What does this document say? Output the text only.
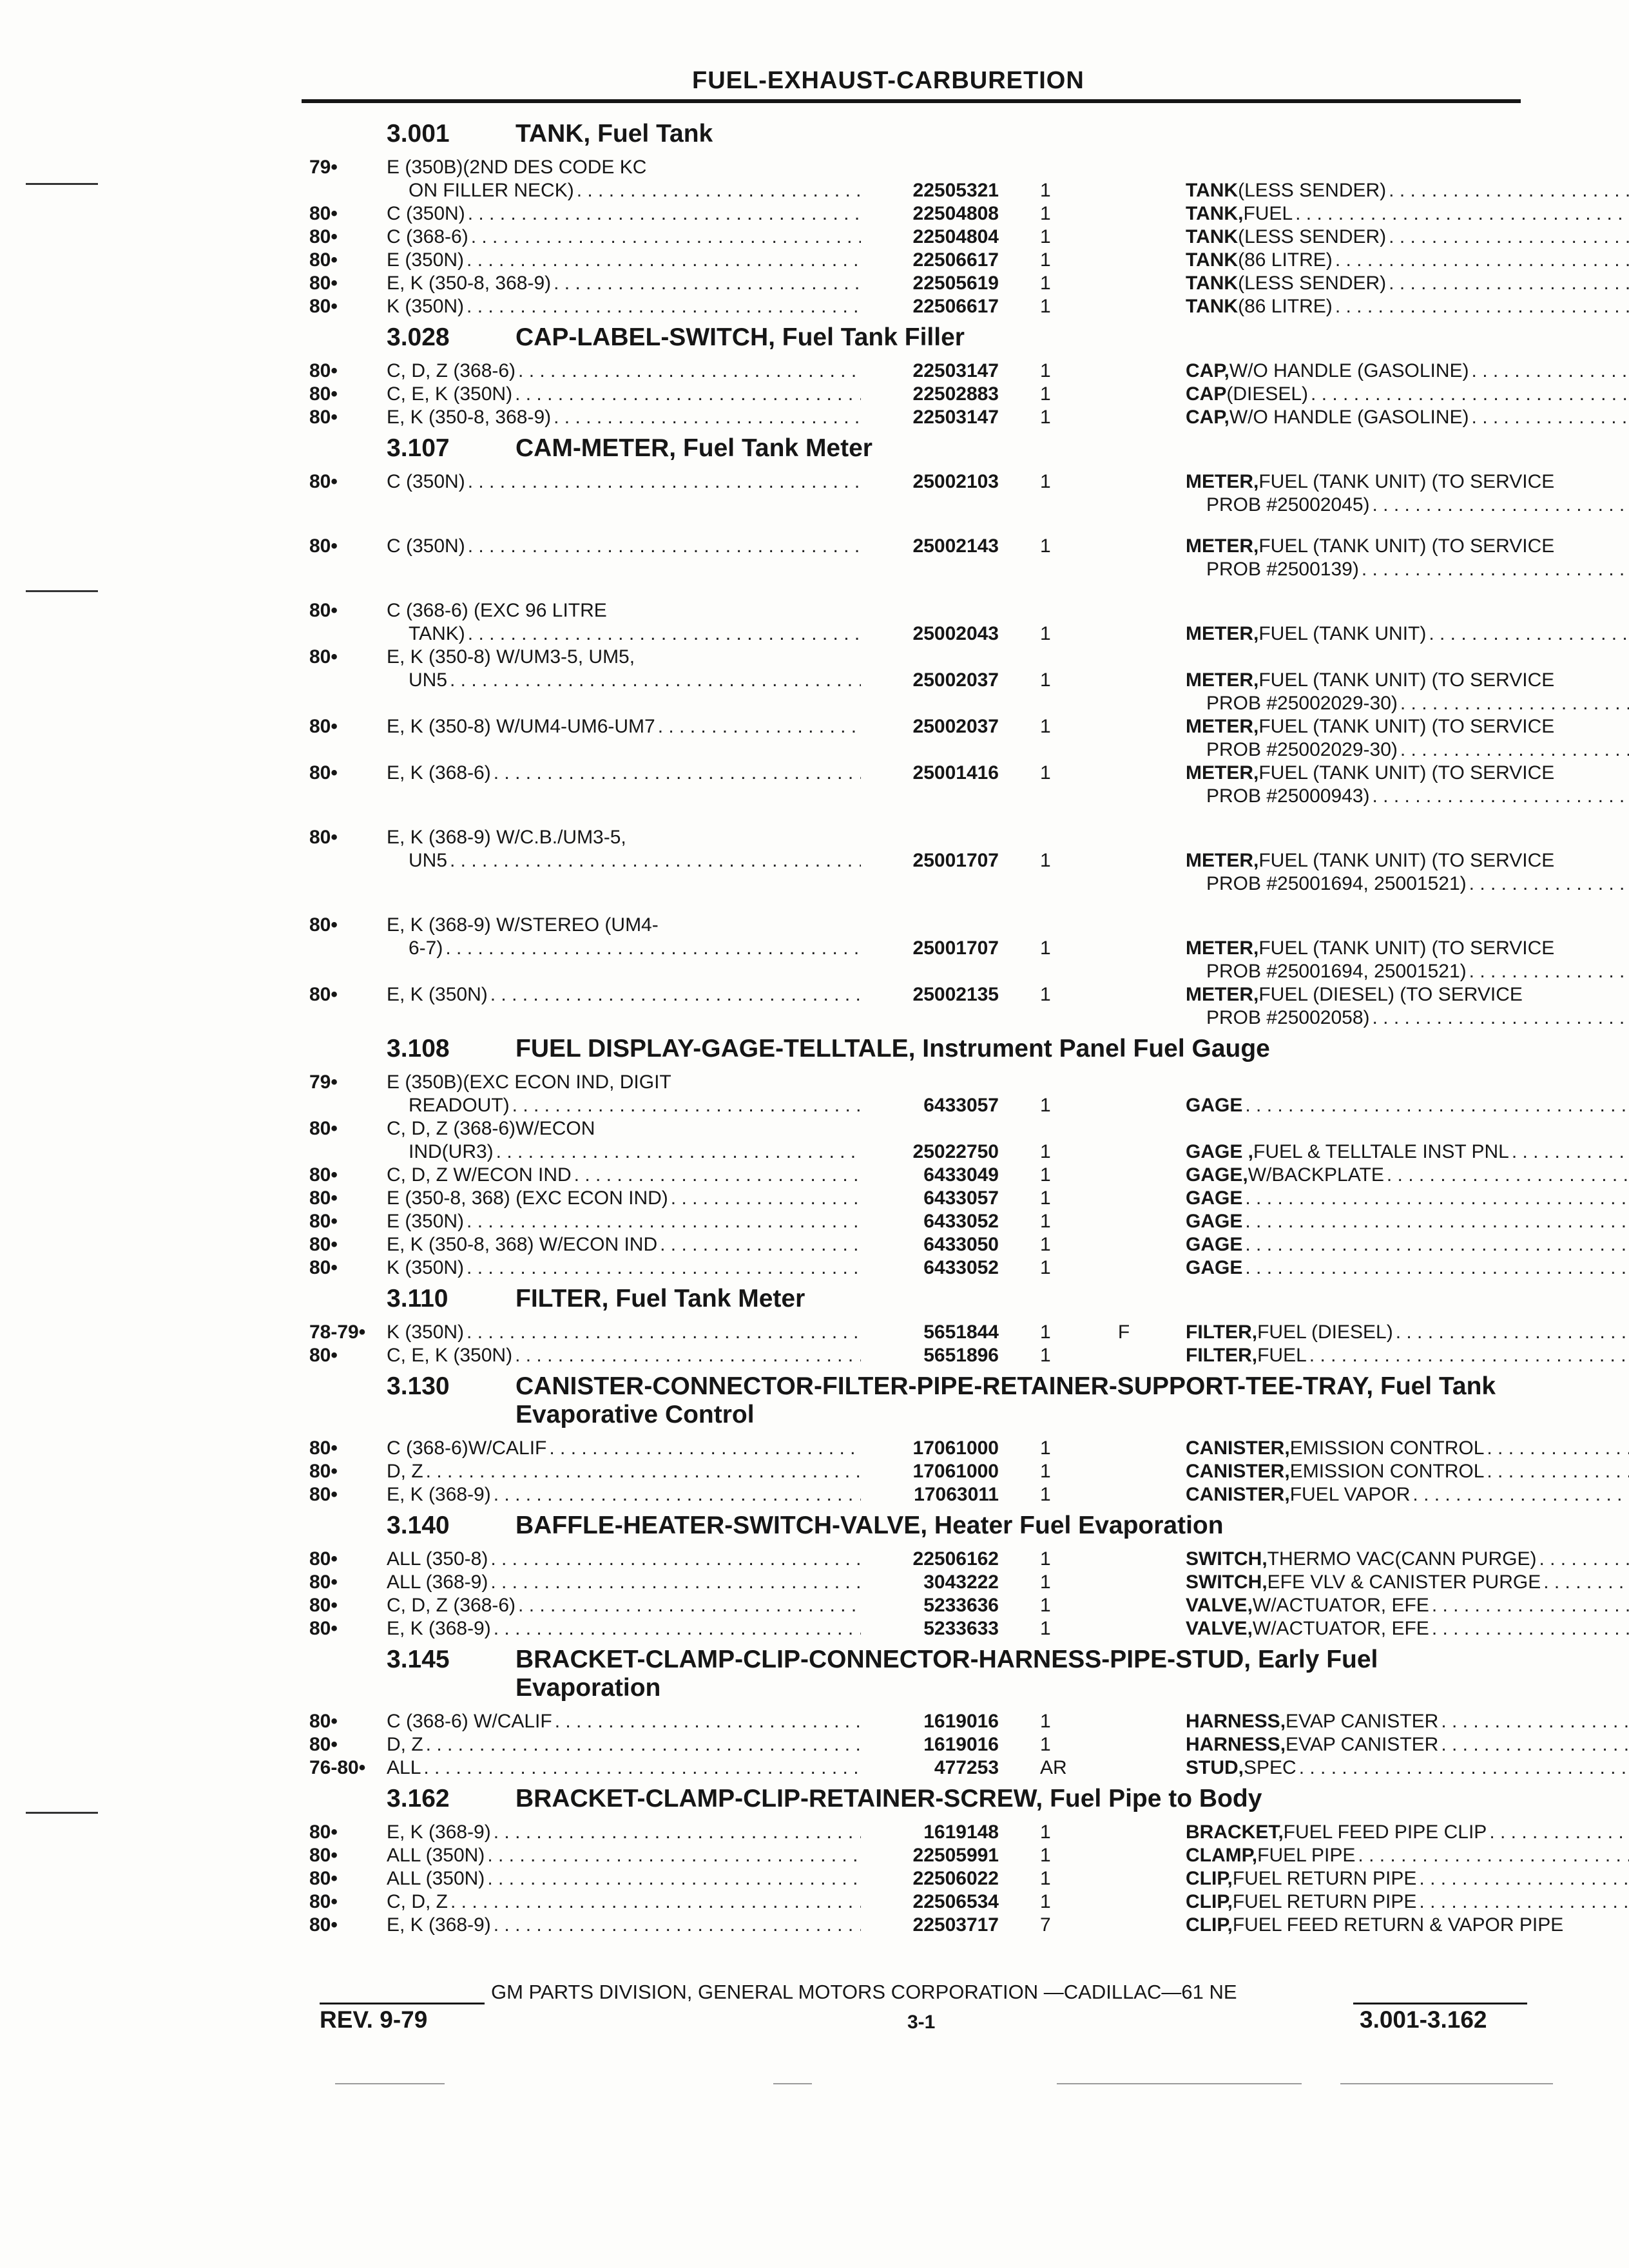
FUEL-EXHAUST-CARBURETION
3.001	TANK, Fuel Tank
79•	E (350B)(2ND DES CODE KC
ON FILLER NECK) . . .	22505321	1	TANK (LESS SENDER)
. . .
80•	C (350N) . . .	22504808	1	TANK, FUEL
. . .
80•	C (368-6) . . .	22504804	1	TANK (LESS SENDER)
. . .
80•	E (350N) . . .	22506617	1	TANK (86 LITRE)
. . .
80•	E, K (350-8, 368-9) . . .	22505619	1	TANK (LESS SENDER)
. . .
80•	K (350N) . . .	22506617	1	TANK (86 LITRE)
. . .
3.028	CAP-LABEL-SWITCH, Fuel Tank Filler
80•	C, D, Z (368-6) . . .	22503147	1	CAP, W/O HANDLE (GASOLINE)
. . .
80•	C, E, K (350N) . . .	22502883	1	CAP (DIESEL)
. . .
80•	E, K (350-8, 368-9) . . .	22503147	1	CAP, W/O HANDLE (GASOLINE)
. . .
3.107	CAM-METER, Fuel Tank Meter
80•	C (350N) . . .	25002103	1	METER, FUEL (TANK UNIT) (TO SERVICE
PROB #25002045)
. . .
80•	C (350N) . . .	25002143	1	METER, FUEL (TANK UNIT) (TO SERVICE
PROB #2500139)
. . .
80•	C (368-6) (EXC 96 LITRE
TANK) . . .	25002043	1	METER, FUEL (TANK UNIT)
. . .
80•	E, K (350-8) W/UM3-5, UM5,
UN5 . . .	25002037	1	METER, FUEL (TANK UNIT) (TO SERVICE
PROB #25002029-30)
. . .
80•	E, K (350-8) W/UM4-UM6-UM7 . . .	25002037	1	METER, FUEL (TANK UNIT) (TO SERVICE
PROB #25002029-30)
. . .
80•	E, K (368-6) . . .	25001416	1	METER, FUEL (TANK UNIT) (TO SERVICE
PROB #25000943)
. . .
80•	E, K (368-9) W/C.B./UM3-5,
UN5 . . .	25001707	1	METER, FUEL (TANK UNIT) (TO SERVICE
PROB #25001694, 25001521)
. . .
80•	E, K (368-9) W/STEREO (UM4-
6-7) . . .	25001707	1	METER, FUEL (TANK UNIT) (TO SERVICE
PROB #25001694, 25001521)
. . .
80•	E, K (350N) . . .	25002135	1	METER, FUEL (DIESEL) (TO SERVICE
PROB #25002058)
. . .
3.108	FUEL DISPLAY-GAGE-TELLTALE, Instrument Panel Fuel Gauge
79•	E (350B)(EXC ECON IND, DIGIT
READOUT) . . .	6433057	1	GAGE
. . .
80•	C, D, Z (368-6)W/ECON
IND(UR3) . . .	25022750	1	GAGE , FUEL & TELLTALE INST PNL
. . .
80•	C, D, Z W/ECON IND . . .	6433049	1	GAGE, W/BACKPLATE
. . .
80•	E (350-8, 368) (EXC ECON IND) . . .	6433057	1	GAGE
. . .
80•	E (350N) . . .	6433052	1	GAGE
. . .
80•	E, K (350-8, 368) W/ECON IND . . .	6433050	1	GAGE
. . .
80•	K (350N) . . .	6433052	1	GAGE
. . .
3.110	FILTER, Fuel Tank Meter
78-79•	K (350N) . . .	5651844	1	F	FILTER, FUEL (DIESEL)
. . .
80•	C, E, K (350N) . . .	5651896	1	FILTER, FUEL
. . .
3.130	CANISTER-CONNECTOR-FILTER-PIPE-RETAINER-SUPPORT-TEE-TRAY, Fuel Tank Evaporative Control
80•	C (368-6)W/CALIF . . .	17061000	1	CANISTER, EMISSION CONTROL
. . .
80•	D, Z . . .	17061000	1	CANISTER, EMISSION CONTROL
. . .
80•	E, K (368-9) . . .	17063011	1	CANISTER, FUEL VAPOR
. . .
3.140	BAFFLE-HEATER-SWITCH-VALVE, Heater Fuel Evaporation
80•	ALL (350-8) . . .	22506162	1	SWITCH, THERMO VAC(CANN PURGE)
. . .
80•	ALL (368-9) . . .	3043222	1	SWITCH, EFE VLV & CANISTER PURGE
. . .
80•	C, D, Z (368-6) . . .	5233636	1	VALVE, W/ACTUATOR, EFE
. . .
80•	E, K (368-9) . . .	5233633	1	VALVE, W/ACTUATOR, EFE
. . .
3.145	BRACKET-CLAMP-CLIP-CONNECTOR-HARNESS-PIPE-STUD, Early Fuel Evaporation
80•	C (368-6) W/CALIF . . .	1619016	1	HARNESS, EVAP CANISTER
. . .
80•	D, Z . . .	1619016	1	HARNESS, EVAP CANISTER
. . .
76-80•	ALL . . .	477253	AR	STUD, SPEC
. . .
3.162	BRACKET-CLAMP-CLIP-RETAINER-SCREW, Fuel Pipe to Body
80•	E, K (368-9) . . .	1619148	1	BRACKET, FUEL FEED PIPE CLIP
. . .
80•	ALL (350N) . . .	22505991	1	CLAMP, FUEL PIPE
. . .
80•	ALL (350N) . . .	22506022	1	CLIP, FUEL RETURN PIPE
. . .
80•	C, D, Z . . .	22506534	1	CLIP, FUEL RETURN PIPE
. . .
80•	E, K (368-9) . . .	22503717	7	CLIP, FUEL FEED RETURN & VAPOR PIPE
GM PARTS DIVISION, GENERAL MOTORS CORPORATION —CADILLAC—61 NE
REV. 9-79	3-1	3.001-3.162
